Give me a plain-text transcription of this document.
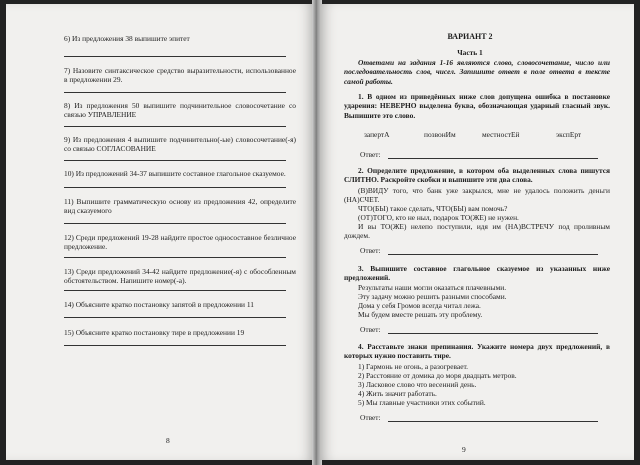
6) Из предложения 38 выпишите эпитет
7) Назовите синтаксическое средство выразительности, использованное в предложении 29.
8) Из предложения 50 выпишите подчинительное словосочетание со связью УПРАВЛЕНИЕ
9) Из предложения 4 выпишите подчинительно(-ые) словосочетание(-я) со связью СОГЛАСОВАНИЕ
10) Из предложений 34-37 выпишите составное глагольное сказуемое.
11) Выпишите грамматическую основу из предложения 42, определите вид сказуемого
12) Среди предложений 19-28 найдите простое односоставное безличное предложение.
13) Среди предложений 34-42 найдите предложение(-я) с обособленным обстоятельством. Напишите номер(-а).
14) Объясните кратко постановку запятой в предложении 11
15) Объясните кратко постановку тире в предложении 19
8
ВАРИАНТ 2
Часть 1
Ответами на задания 1-16 являются слово, словосочетание, число или последовательность слов, чисел. Запишите ответ в поле ответа в тексте самой работы.
1. В одном из приведённых ниже слов допущена ошибка в постановке ударения: НЕВЕРНО выделена буква, обозначающая ударный гласный звук. Выпишите это слово.
запертА	позвонИм	местностЕй	экспЕрт
Ответ:
2. Определите предложение, в котором оба выделенных слова пишутся СЛИТНО. Раскройте скобки и выпишите эти два слова.
(В)ВИДУ того, что банк уже закрылся, мне не удалось положить деньги (НА)СЧЕТ.
ЧТО(БЫ) такое сделать, ЧТО(БЫ) вам помочь?
(ОТ)ТОГО, кто не ныл, подарок ТО(ЖЕ) не нужен.
И вы ТО(ЖЕ) нелепо поступили, идя им (НА)ВСТРЕЧУ под проливным дождем.
Ответ:
3. Выпишите составное глагольное сказуемое из указанных ниже предложений.
Результаты наши могли оказаться плачевными.
Эту задачу можно решить разными способами.
Дома у себя Громов всегда читал лежа.
Мы будем вместе решать эту проблему.
Ответ:
4. Расставьте знаки препинания. Укажите номера двух предложений, в которых нужно поставить тире.
1) Гармонь не огонь, а разогревает.
2) Расстояние от домика до моря двадцать метров.
3) Ласковое слово что весенний день.
4) Жить значит работать.
5) Мы главные участники этих событий.
Ответ:
9
